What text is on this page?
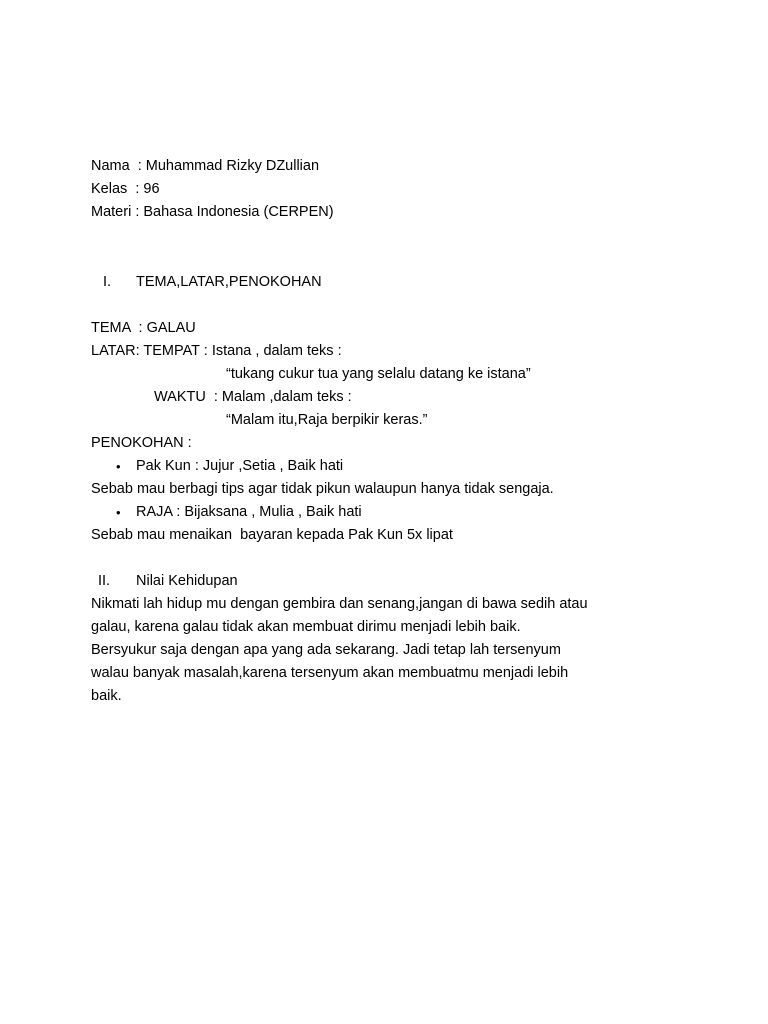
Nama  : Muhammad Rizky DZullian
Kelas  : 96
Materi : Bahasa Indonesia (CERPEN)
I. TEMA,LATAR,PENOKOHAN
TEMA  : GALAU
LATAR: TEMPAT : Istana , dalam teks :
“tukang cukur tua yang selalu datang ke istana”
WAKTU  : Malam ,dalam teks :
“Malam itu,Raja berpikir keras.”
PENOKOHAN :
• Pak Kun : Jujur ,Setia , Baik hati
Sebab mau berbagi tips agar tidak pikun walaupun hanya tidak sengaja.
• RAJA : Bijaksana , Mulia , Baik hati
Sebab mau menaikan  bayaran kepada Pak Kun 5x lipat
II. Nilai Kehidupan
Nikmati lah hidup mu dengan gembira dan senang,jangan di bawa sedih atau
galau, karena galau tidak akan membuat dirimu menjadi lebih baik.
Bersyukur saja dengan apa yang ada sekarang. Jadi tetap lah tersenyum
walau banyak masalah,karena tersenyum akan membuatmu menjadi lebih
baik.
